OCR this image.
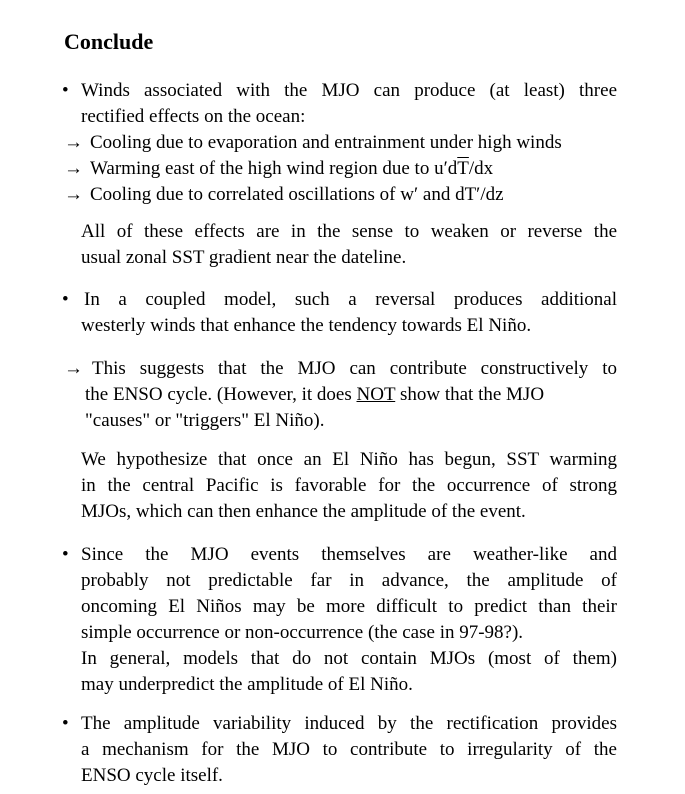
Conclude
• Winds associated with the MJO can produce (at least) three
rectified effects on the ocean:
→ Cooling due to evaporation and entrainment under high winds
→ Warming east of the high wind region due to $u'd\overline{T}/dx$
→ Cooling due to correlated oscillations of w′ and dT′/dz
All of these effects are in the sense to weaken or reverse the
usual zonal SST gradient near the dateline.
• In a coupled model, such a reversal produces additional
westerly winds that enhance the tendency towards El Niño.
→ This suggests that the MJO can contribute constructively to
the ENSO cycle. (However, it does NOT show that the MJO
"causes" or "triggers" El Niño).
We hypothesize that once an El Niño has begun, SST warming
in the central Pacific is favorable for the occurrence of strong
MJOs, which can then enhance the amplitude of the event.
• Since the MJO events themselves are weather-like and
probably not predictable far in advance, the amplitude of
oncoming El Niños may be more difficult to predict than their
simple occurrence or non-occurrence (the case in 97-98?).
In general, models that do not contain MJOs (most of them)
may underpredict the amplitude of El Niño.
• The amplitude variability induced by the rectification provides
a mechanism for the MJO to contribute to irregularity of the
ENSO cycle itself.
